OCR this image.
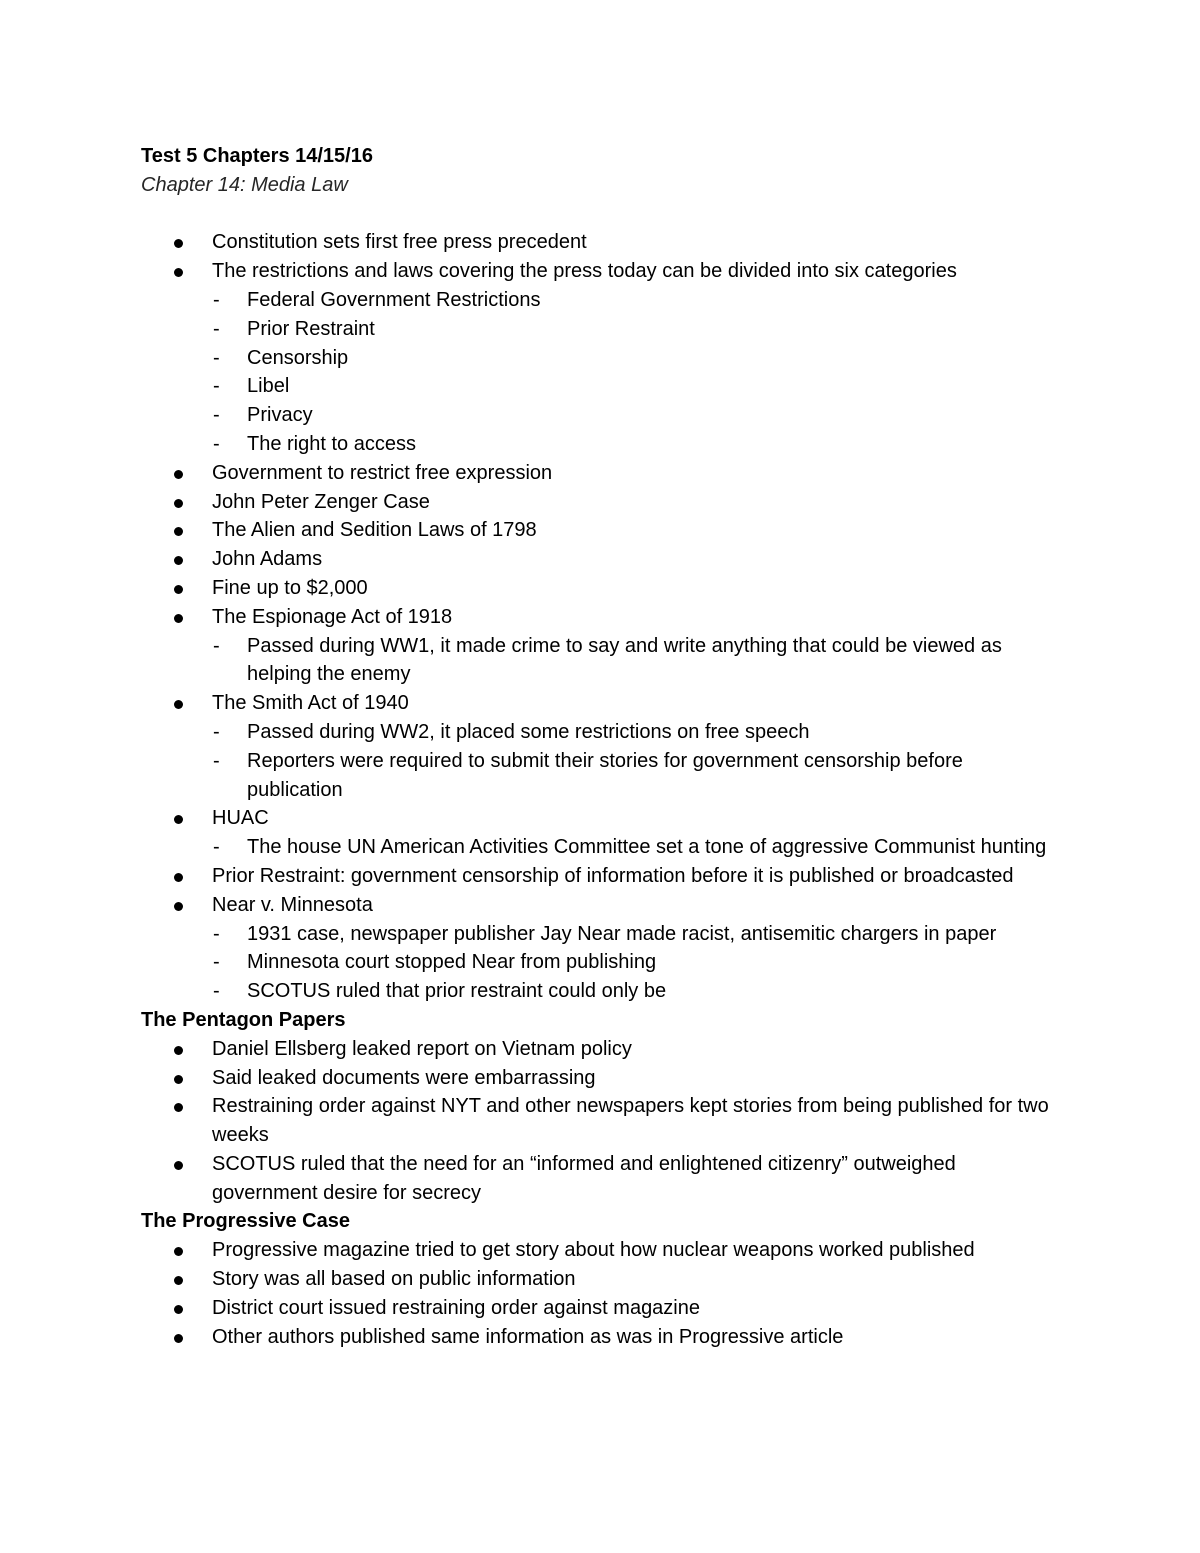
Test 5 Chapters 14/15/16
Chapter 14: Media Law
Constitution sets first free press precedent
The restrictions and laws covering the press today can be divided into six categories
- Federal Government Restrictions
- Prior Restraint
- Censorship
- Libel
- Privacy
- The right to access
Government to restrict free expression
John Peter Zenger Case
The Alien and Sedition Laws of 1798
John Adams
Fine up to $2,000
The Espionage Act of 1918
- Passed during WW1, it made crime to say and write anything that could be viewed as helping the enemy
The Smith Act of 1940
- Passed during WW2, it placed some restrictions on free speech
- Reporters were required to submit their stories for government censorship before publication
HUAC
- The house UN American Activities Committee set a tone of aggressive Communist hunting
Prior Restraint: government censorship of information before it is published or broadcasted
Near v. Minnesota
- 1931 case, newspaper publisher Jay Near made racist, antisemitic chargers in paper
- Minnesota court stopped Near from publishing
- SCOTUS ruled that prior restraint could only be
The Pentagon Papers
Daniel Ellsberg leaked report on Vietnam policy
Said leaked documents were embarrassing
Restraining order against NYT and other newspapers kept stories from being published for two weeks
SCOTUS ruled that the need for an “informed and enlightened citizenry” outweighed government desire for secrecy
The Progressive Case
Progressive magazine tried to get story about how nuclear weapons worked published
Story was all based on public information
District court issued restraining order against magazine
Other authors published same information as was in Progressive article
